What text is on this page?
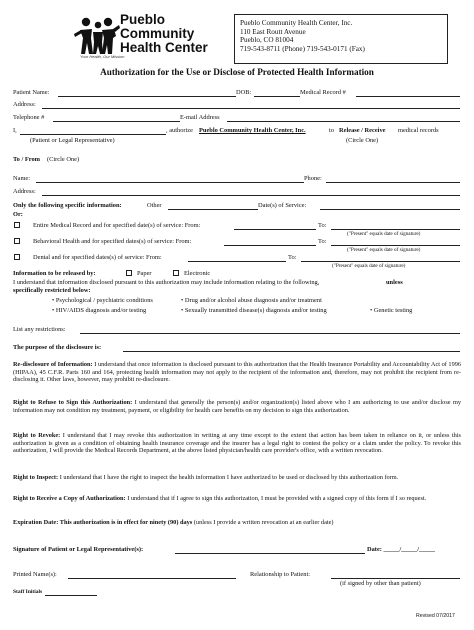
Pueblo
Community
Health Center
Your Health, Our Mission
Pueblo Community Health Center, Inc.
110 East Routt Avenue
Pueblo, CO 81004
719-543-8711 (Phone) 719-543-0171 (Fax)
Authorization for the Use or Disclose of Protected Health Information
Patient Name:	DOB:	Medical Record #
Address:
Telephone #	E-mail Address
I,	, authorize Pueblo Community Health Center, Inc.	to Release / Receive medical records
(Patient or Legal Representative)	(Circle One)
To / From (Circle One)
Name:	Phone:
Address:
Only the following specific information:	Other	Date(s) of Service:
Or:
Entire Medical Record and for specified date(s) of service: From:	To:
("Present" equals date of signature)
Behavioral Health and for specified dates(s) of service: From:	To:
("Present" equals date of signature)
Dental and for specified dates(s) of service: From:	To:
("Present" equals date of signature)
Information to be released by:	Paper	Electronic
I understand that information disclosed pursuant to this authorization may include information relating to the following,	unless
specifically restricted below:
• Psychological / psychiatric conditions	• Drug and/or alcohol abuse diagnosis and/or treatment
• HIV/AIDS diagnosis and/or testing	• Sexually transmitted disease(s) diagnosis and/or testing	• Genetic testing
List any restrictions:
The purpose of the disclosure is:
Re-disclosure of Information: I understand that once information is disclosed pursuant to this authorization that the Health Insurance Portability and Accountability Act of 1996 (HIPAA), 45 C.F.R. Parts 160 and 164, protecting health information may not apply to the recipient of the information and, therefore, may not prohibit the recipient from re-disclosing it. Other laws, however, may prohibit re-disclosure.
Right to Refuse to Sign this Authorization: I understand that generally the person(s) and/or organization(s) listed above who I am authorizing to use and/or disclose my information may not condition my treatment, payment, or eligibility for health care benefits on my decision to sign this authorization.
Right to Revoke: I understand that I may revoke this authorization in writing at any time except to the extent that action has been taken in reliance on it, or unless this authorization is given as a condition of obtaining health insurance coverage and the insurer has a legal right to contest the policy or a claim under the policy. To revoke this authorization, I will provide the Medical Records Department, at the above listed physician/health care provider's office, with a written revocation.
Right to Inspect: I understand that I have the right to inspect the health information I have authorized to be used or disclosed by this authorization form.
Right to Receive a Copy of Authorization: I understand that if I agree to sign this authorization, I must be provided with a signed copy of this form if I so request.
Expiration Date: This authorization is in effect for ninety (90) days (unless I provide a written revocation at an earlier date)
Signature of Patient or Legal Representative(s):	Date: _____/_____/_____
Printed Name(s):	Relationship to Patient:
(if signed by other than patient)
Staff Initials
Revised 07/2017
